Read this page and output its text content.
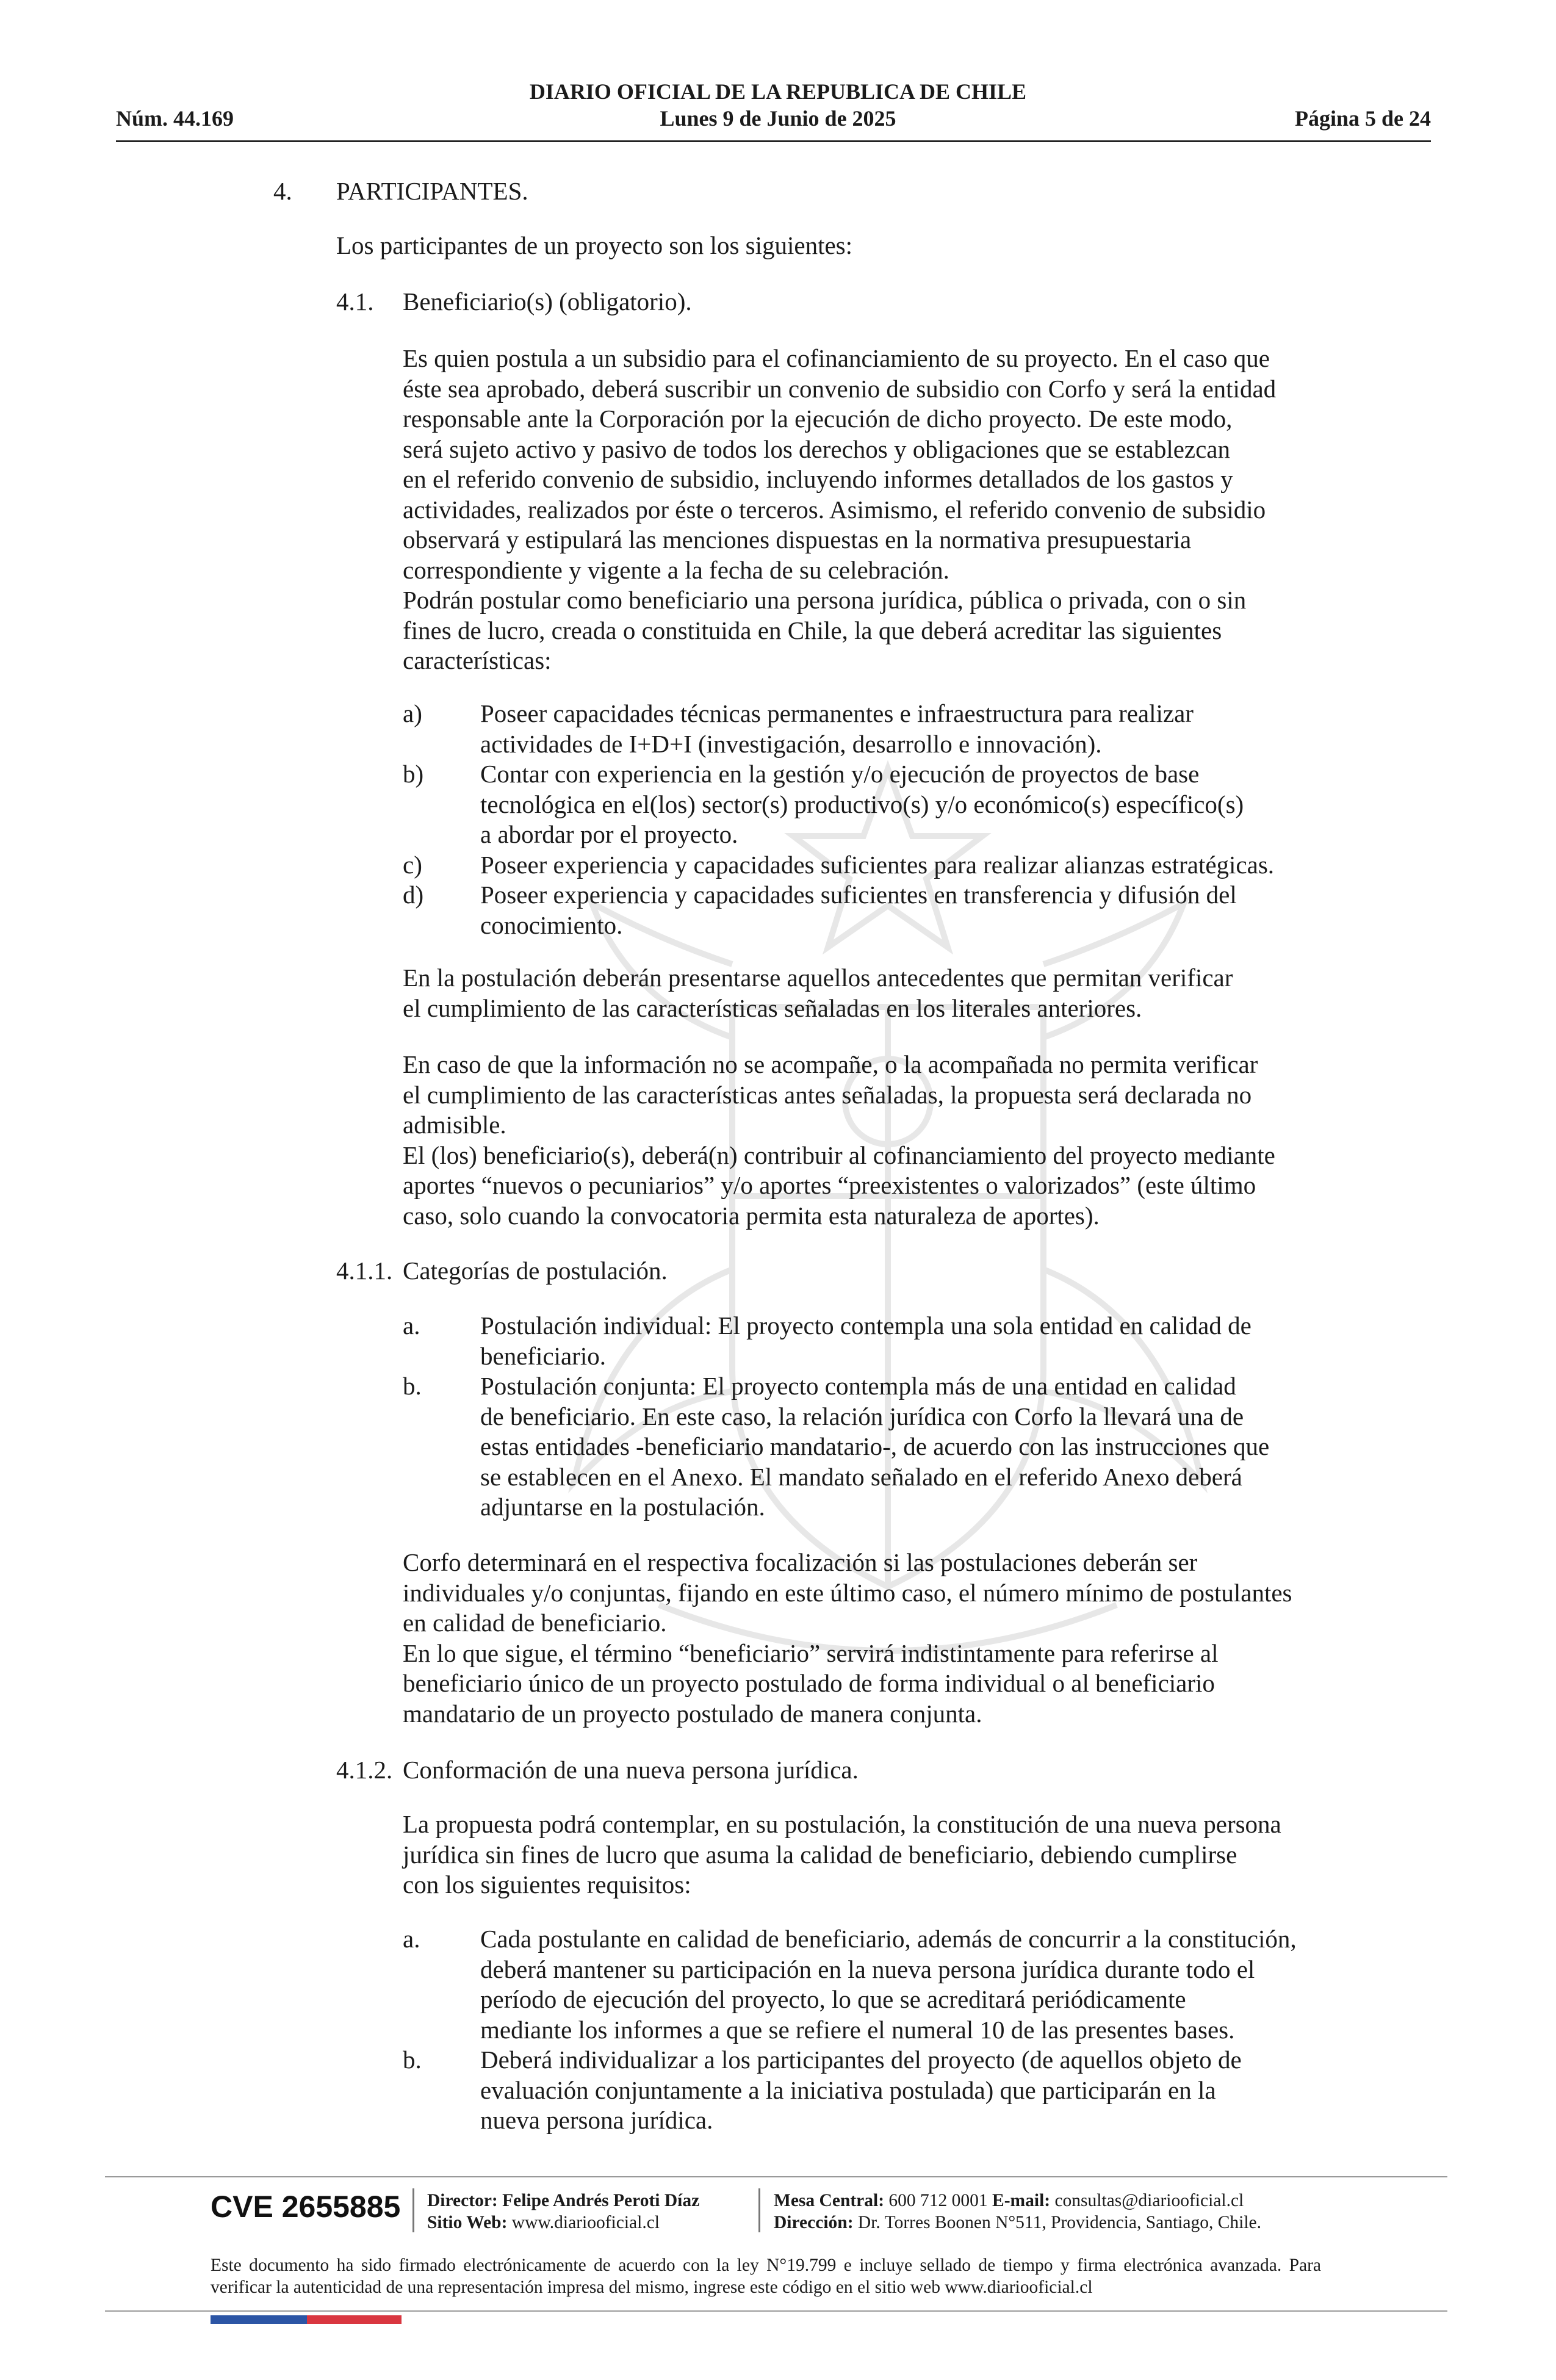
DIARIO OFICIAL DE LA REPUBLICA DE CHILE
Núm. 44.169	Lunes 9 de Junio de 2025	Página 5 de 24
4. PARTICIPANTES.
Los participantes de un proyecto son los siguientes:
4.1. Beneficiario(s) (obligatorio).
Es quien postula a un subsidio para el cofinanciamiento de su proyecto. En el caso que
éste sea aprobado, deberá suscribir un convenio de subsidio con Corfo y será la entidad
responsable ante la Corporación por la ejecución de dicho proyecto. De este modo,
será sujeto activo y pasivo de todos los derechos y obligaciones que se establezcan
en el referido convenio de subsidio, incluyendo informes detallados de los gastos y
actividades, realizados por éste o terceros. Asimismo, el referido convenio de subsidio
observará y estipulará las menciones dispuestas en la normativa presupuestaria
correspondiente y vigente a la fecha de su celebración.
Podrán postular como beneficiario una persona jurídica, pública o privada, con o sin
fines de lucro, creada o constituida en Chile, la que deberá acreditar las siguientes
características:
a)	Poseer capacidades técnicas permanentes e infraestructura para realizar
actividades de I+D+I (investigación, desarrollo e innovación).
b)	Contar con experiencia en la gestión y/o ejecución de proyectos de base
tecnológica en el(los) sector(s) productivo(s) y/o económico(s) específico(s)
a abordar por el proyecto.
c)	Poseer experiencia y capacidades suficientes para realizar alianzas estratégicas.
d)	Poseer experiencia y capacidades suficientes en transferencia y difusión del
conocimiento.
En la postulación deberán presentarse aquellos antecedentes que permitan verificar
el cumplimiento de las características señaladas en los literales anteriores.
En caso de que la información no se acompañe, o la acompañada no permita verificar
el cumplimiento de las características antes señaladas, la propuesta será declarada no
admisible.
El (los) beneficiario(s), deberá(n) contribuir al cofinanciamiento del proyecto mediante
aportes “nuevos o pecuniarios” y/o aportes “preexistentes o valorizados” (este último
caso, solo cuando la convocatoria permita esta naturaleza de aportes).
4.1.1. Categorías de postulación.
a.	Postulación individual: El proyecto contempla una sola entidad en calidad de
beneficiario.
b.	Postulación conjunta: El proyecto contempla más de una entidad en calidad
de beneficiario. En este caso, la relación jurídica con Corfo la llevará una de
estas entidades -beneficiario mandatario-, de acuerdo con las instrucciones que
se establecen en el Anexo. El mandato señalado en el referido Anexo deberá
adjuntarse en la postulación.
Corfo determinará en el respectiva focalización si las postulaciones deberán ser
individuales y/o conjuntas, fijando en este último caso, el número mínimo de postulantes
en calidad de beneficiario.
En lo que sigue, el término “beneficiario” servirá indistintamente para referirse al
beneficiario único de un proyecto postulado de forma individual o al beneficiario
mandatario de un proyecto postulado de manera conjunta.
4.1.2. Conformación de una nueva persona jurídica.
La propuesta podrá contemplar, en su postulación, la constitución de una nueva persona
jurídica sin fines de lucro que asuma la calidad de beneficiario, debiendo cumplirse
con los siguientes requisitos:
a.	Cada postulante en calidad de beneficiario, además de concurrir a la constitución,
deberá mantener su participación en la nueva persona jurídica durante todo el
período de ejecución del proyecto, lo que se acreditará periódicamente
mediante los informes a que se refiere el numeral 10 de las presentes bases.
b.	Deberá individualizar a los participantes del proyecto (de aquellos objeto de
evaluación conjuntamente a la iniciativa postulada) que participarán en la
nueva persona jurídica.
CVE 2655885 Director: Felipe Andrés Peroti Díaz
Sitio Web: www.diariooficial.cl
Mesa Central: 600 712 0001 E-mail: consultas@diariooficial.cl
Dirección: Dr. Torres Boonen N°511, Providencia, Santiago, Chile.
Este documento ha sido firmado electrónicamente de acuerdo con la ley N°19.799 e incluye sellado de tiempo y firma electrónica avanzada. Para verificar la autenticidad de una representación impresa del mismo, ingrese este código en el sitio web www.diariooficial.cl
